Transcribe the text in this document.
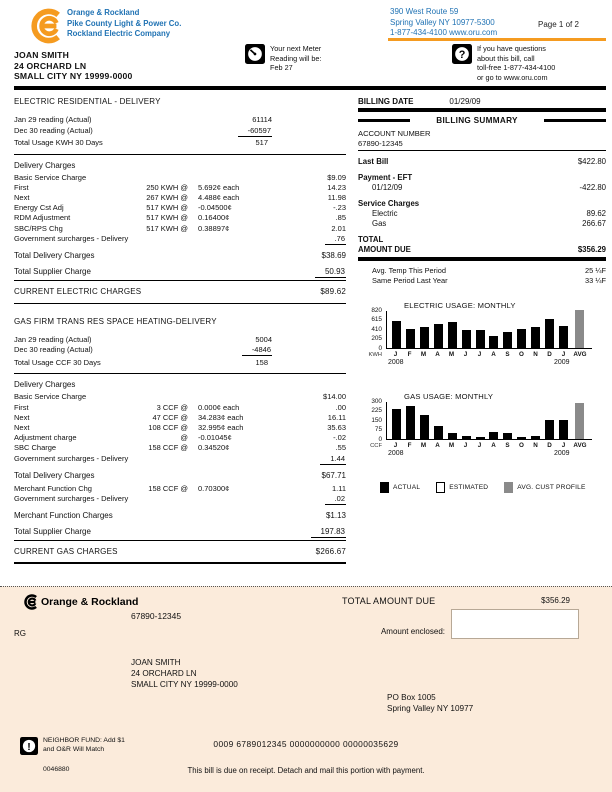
Orange & Rockland
Pike County Light & Power Co.
Rockland Electric Company
390 West Route 59
Spring Valley NY 10977-5300
1-877-434-4100 www.oru.com
Page 1 of 2
JOAN SMITH
24 ORCHARD LN
SMALL CITY NY 19999-0000
Your next Meter
Reading will be:
Feb 27
?
If you have questions
about this bill, call
toll-free 1-877-434-4100
or go to www.oru.com
ELECTRIC RESIDENTIAL - DELIVERY
Jan 29 reading (Actual)	61114
Dec 30 reading (Actual)	-60597
Total Usage KWH 30 Days	517
Delivery Charges
Basic Service Charge	$9.09
First	250 KWH @	5.692¢ each	14.23
Next	267 KWH @	4.488¢ each	11.98
Energy Cst Adj	517 KWH @	-0.04500¢	-.23
RDM Adjustment	517 KWH @	0.16400¢	.85
SBC/RPS Chg	517 KWH @	0.38897¢	2.01
Government surcharges - Delivery	.76
Total Delivery Charges	$38.69
Total Supplier Charge	50.93
CURRENT ELECTRIC CHARGES	$89.62
GAS FIRM TRANS RES SPACE HEATING-DELIVERY
Jan 29 reading (Actual)	5004
Dec 30 reading (Actual)	-4846
Total Usage CCF 30 Days	158
Delivery Charges
Basic Service Charge	$14.00
First	3 CCF @	0.000¢ each	.00
Next	47 CCF @	34.283¢ each	16.11
Next	108 CCF @	32.995¢ each	35.63
Adjustment charge	@	-0.01045¢	-.02
SBC Charge	158 CCF @	0.34520¢	.55
Government surcharges - Delivery	1.44
Total Delivery Charges	$67.71
Merchant Function Chg	158 CCF @	0.70300¢	1.11
Government surcharges - Delivery	.02
Merchant Function Charges	$1.13
Total Supplier Charge	197.83
CURRENT GAS CHARGES	$266.67
BILLING DATE	01/29/09
BILLING SUMMARY
ACCOUNT NUMBER
67890-12345
Last Bill	$422.80
Payment - EFT
01/12/09	-422.80
Service Charges
Electric	89.62
Gas	266.67
TOTAL
AMOUNT DUE	$356.29
Avg. Temp This Period	25 ¼F
Same Period Last Year	33 ¼F
ELECTRIC USAGE: MONTHLY
820
615
410
205
0
KWH	J	F	M	A	M	J	J	A	S	O	N	D	J	AVG
2008	2009
GAS USAGE: MONTHLY
300
225
150
75
0
CCF	J	F	M	A	M	J	J	A	S	O	N	D	J	AVG
2008	2009
ACTUAL	ESTIMATED	AVG. CUST PROFILE
Orange & Rockland
67890-12345
RG
TOTAL AMOUNT DUE	$356.29
Amount enclosed:
JOAN SMITH
24 ORCHARD LN
SMALL CITY NY 19999-0000
PO Box 1005
Spring Valley NY 10977
!
NEIGHBOR FUND: Add $1
and O&R Will Match
0046880
0009 6789012345 0000000000 00000035629
This bill is due on receipt. Detach and mail this portion with payment.
